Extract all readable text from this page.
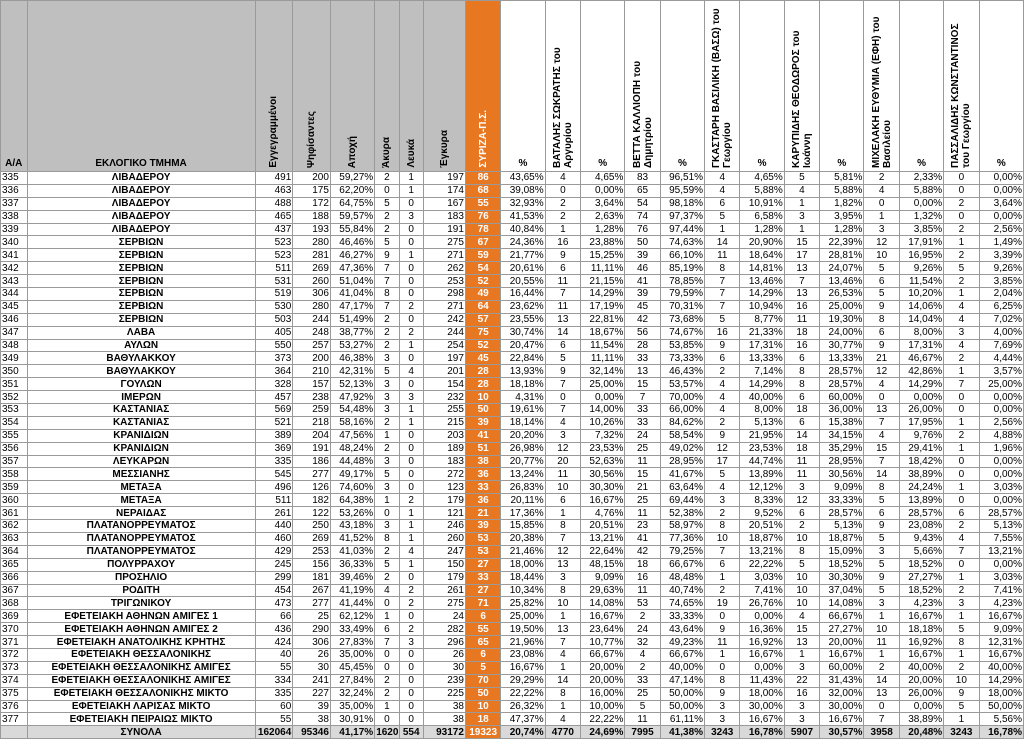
Α/Α	ΕΚΛΟΓΙΚΟ ΤΜΗΜΑ	Εγγεγραμμένοι	Ψηφίσαντες	Αποχή	Άκυρα	Λευκά	Έγκυρα	ΣΥΡΙΖΑ-Π.Σ.	%	ΒΑΤΑΛΗΣ ΣΩΚΡΑΤΗΣ του Αργυρίου	%	ΒΕΤΤΑ ΚΑΛΛΙΟΠΗ του Δημητρίου	%	ΓΚΑΣΤΑΡΗ ΒΑΣΙΛΙΚΗ (ΒΑΣΩ) του Γεωργίου	%	ΚΑΡΥΠΙΔΗΣ ΘΕΟΔΩΡΟΣ του Ιωάννη	%	ΜΙΧΕΛΑΚΗ ΕΥΘΥΜΙΑ (ΕΦΗ) του Βασιλείου	%	ΠΑΣΣΑΛΙΔΗΣ ΚΩΝΣΤΑΝΤΙΝΟΣ του Γεωργίου	%
335	ΛΙΒΑΔΕΡΟΥ	491	200	59,27%	2	1	197	86	43,65%	4	4,65%	83	96,51%	4	4,65%	5	5,81%	2	2,33%	0	0,00%
336	ΛΙΒΑΔΕΡΟΥ	463	175	62,20%	0	1	174	68	39,08%	0	0,00%	65	95,59%	4	5,88%	4	5,88%	4	5,88%	0	0,00%
337	ΛΙΒΑΔΕΡΟΥ	488	172	64,75%	5	0	167	55	32,93%	2	3,64%	54	98,18%	6	10,91%	1	1,82%	0	0,00%	2	3,64%
338	ΛΙΒΑΔΕΡΟΥ	465	188	59,57%	2	3	183	76	41,53%	2	2,63%	74	97,37%	5	6,58%	3	3,95%	1	1,32%	0	0,00%
339	ΛΙΒΑΔΕΡΟΥ	437	193	55,84%	2	0	191	78	40,84%	1	1,28%	76	97,44%	1	1,28%	1	1,28%	3	3,85%	2	2,56%
340	ΣΕΡΒΙΩΝ	523	280	46,46%	5	0	275	67	24,36%	16	23,88%	50	74,63%	14	20,90%	15	22,39%	12	17,91%	1	1,49%
341	ΣΕΡΒΙΩΝ	523	281	46,27%	9	1	271	59	21,77%	9	15,25%	39	66,10%	11	18,64%	17	28,81%	10	16,95%	2	3,39%
342	ΣΕΡΒΙΩΝ	511	269	47,36%	7	0	262	54	20,61%	6	11,11%	46	85,19%	8	14,81%	13	24,07%	5	9,26%	5	9,26%
343	ΣΕΡΒΙΩΝ	531	260	51,04%	7	0	253	52	20,55%	11	21,15%	41	78,85%	7	13,46%	7	13,46%	6	11,54%	2	3,85%
344	ΣΕΡΒΙΩΝ	519	306	41,04%	8	0	298	49	16,44%	7	14,29%	39	79,59%	7	14,29%	13	26,53%	5	10,20%	1	2,04%
345	ΣΕΡΒΙΩΝ	530	280	47,17%	7	2	271	64	23,62%	11	17,19%	45	70,31%	7	10,94%	16	25,00%	9	14,06%	4	6,25%
346	ΣΕΡΒΙΩΝ	503	244	51,49%	2	0	242	57	23,55%	13	22,81%	42	73,68%	5	8,77%	11	19,30%	8	14,04%	4	7,02%
347	ΛΑΒΑ	405	248	38,77%	2	2	244	75	30,74%	14	18,67%	56	74,67%	16	21,33%	18	24,00%	6	8,00%	3	4,00%
348	ΑΥΛΩΝ	550	257	53,27%	2	1	254	52	20,47%	6	11,54%	28	53,85%	9	17,31%	16	30,77%	9	17,31%	4	7,69%
349	ΒΑΘΥΛΑΚΚΟΥ	373	200	46,38%	3	0	197	45	22,84%	5	11,11%	33	73,33%	6	13,33%	6	13,33%	21	46,67%	2	4,44%
350	ΒΑΘΥΛΑΚΚΟΥ	364	210	42,31%	5	4	201	28	13,93%	9	32,14%	13	46,43%	2	7,14%	8	28,57%	12	42,86%	1	3,57%
351	ΓΟΥΛΩΝ	328	157	52,13%	3	0	154	28	18,18%	7	25,00%	15	53,57%	4	14,29%	8	28,57%	4	14,29%	7	25,00%
352	ΙΜΕΡΩΝ	457	238	47,92%	3	3	232	10	4,31%	0	0,00%	7	70,00%	4	40,00%	6	60,00%	0	0,00%	0	0,00%
353	ΚΑΣΤΑΝΙΑΣ	569	259	54,48%	3	1	255	50	19,61%	7	14,00%	33	66,00%	4	8,00%	18	36,00%	13	26,00%	0	0,00%
354	ΚΑΣΤΑΝΙΑΣ	521	218	58,16%	2	1	215	39	18,14%	4	10,26%	33	84,62%	2	5,13%	6	15,38%	7	17,95%	1	2,56%
355	ΚΡΑΝΙΔΙΩΝ	389	204	47,56%	1	0	203	41	20,20%	3	7,32%	24	58,54%	9	21,95%	14	34,15%	4	9,76%	2	4,88%
356	ΚΡΑΝΙΔΙΩΝ	369	191	48,24%	2	0	189	51	26,98%	12	23,53%	25	49,02%	12	23,53%	18	35,29%	15	29,41%	1	1,96%
357	ΛΕΥΚΑΡΩΝ	335	186	44,48%	3	0	183	38	20,77%	20	52,63%	11	28,95%	17	44,74%	11	28,95%	7	18,42%	0	0,00%
358	ΜΕΣΣΙΑΝΗΣ	545	277	49,17%	5	0	272	36	13,24%	11	30,56%	15	41,67%	5	13,89%	11	30,56%	14	38,89%	0	0,00%
359	ΜΕΤΑΞΑ	496	126	74,60%	3	0	123	33	26,83%	10	30,30%	21	63,64%	4	12,12%	3	9,09%	8	24,24%	1	3,03%
360	ΜΕΤΑΞΑ	511	182	64,38%	1	2	179	36	20,11%	6	16,67%	25	69,44%	3	8,33%	12	33,33%	5	13,89%	0	0,00%
361	ΝΕΡΑΙΔΑΣ	261	122	53,26%	0	1	121	21	17,36%	1	4,76%	11	52,38%	2	9,52%	6	28,57%	6	28,57%	6	28,57%
362	ΠΛΑΤΑΝΟΡΡΕΥΜΑΤΟΣ	440	250	43,18%	3	1	246	39	15,85%	8	20,51%	23	58,97%	8	20,51%	2	5,13%	9	23,08%	2	5,13%
363	ΠΛΑΤΑΝΟΡΡΕΥΜΑΤΟΣ	460	269	41,52%	8	1	260	53	20,38%	7	13,21%	41	77,36%	10	18,87%	10	18,87%	5	9,43%	4	7,55%
364	ΠΛΑΤΑΝΟΡΡΕΥΜΑΤΟΣ	429	253	41,03%	2	4	247	53	21,46%	12	22,64%	42	79,25%	7	13,21%	8	15,09%	3	5,66%	7	13,21%
365	ΠΟΛΥΡΡΑΧΟΥ	245	156	36,33%	5	1	150	27	18,00%	13	48,15%	18	66,67%	6	22,22%	5	18,52%	5	18,52%	0	0,00%
366	ΠΡΟΣΗΛΙΟ	299	181	39,46%	2	0	179	33	18,44%	3	9,09%	16	48,48%	1	3,03%	10	30,30%	9	27,27%	1	3,03%
367	ΡΟΔΙΤΗ	454	267	41,19%	4	2	261	27	10,34%	8	29,63%	11	40,74%	2	7,41%	10	37,04%	5	18,52%	2	7,41%
368	ΤΡΙΓΩΝΙΚΟΥ	473	277	41,44%	0	2	275	71	25,82%	10	14,08%	53	74,65%	19	26,76%	10	14,08%	3	4,23%	3	4,23%
369	ΕΦΕΤΕΙΑΚΗ ΑΘΗΝΩΝ ΑΜΙΓΕΣ 1	66	25	62,12%	1	0	24	6	25,00%	1	16,67%	2	33,33%	0	0,00%	4	66,67%	1	16,67%	1	16,67%
370	ΕΦΕΤΕΙΑΚΗ ΑΘΗΝΩΝ ΑΜΙΓΕΣ 2	436	290	33,49%	6	2	282	55	19,50%	13	23,64%	24	43,64%	9	16,36%	15	27,27%	10	18,18%	5	9,09%
371	ΕΦΕΤΕΙΑΚΗ ΑΝΑΤΟΛΙΚΗΣ ΚΡΗΤΗΣ	424	306	27,83%	7	3	296	65	21,96%	7	10,77%	32	49,23%	11	16,92%	13	20,00%	11	16,92%	8	12,31%
372	ΕΦΕΤΕΙΑΚΗ ΘΕΣΣΑΛΟΝΙΚΗΣ	40	26	35,00%	0	0	26	6	23,08%	4	66,67%	4	66,67%	1	16,67%	1	16,67%	1	16,67%	1	16,67%
373	ΕΦΕΤΕΙΑΚΗ ΘΕΣΣΑΛΟΝΙΚΗΣ ΑΜΙΓΕΣ	55	30	45,45%	0	0	30	5	16,67%	1	20,00%	2	40,00%	0	0,00%	3	60,00%	2	40,00%	2	40,00%
374	ΕΦΕΤΕΙΑΚΗ ΘΕΣΣΑΛΟΝΙΚΗΣ ΑΜΙΓΕΣ	334	241	27,84%	2	0	239	70	29,29%	14	20,00%	33	47,14%	8	11,43%	22	31,43%	14	20,00%	10	14,29%
375	ΕΦΕΤΕΙΑΚΗ ΘΕΣΣΑΛΟΝΙΚΗΣ ΜΙΚΤΟ	335	227	32,24%	2	0	225	50	22,22%	8	16,00%	25	50,00%	9	18,00%	16	32,00%	13	26,00%	9	18,00%
376	ΕΦΕΤΕΙΑΚΗ ΛΑΡΙΣΑΣ ΜΙΚΤΟ	60	39	35,00%	1	0	38	10	26,32%	1	10,00%	5	50,00%	3	30,00%	3	30,00%	0	0,00%	5	50,00%
377	ΕΦΕΤΕΙΑΚΗ ΠΕΙΡΑΙΩΣ ΜΙΚΤΟ	55	38	30,91%	0	0	38	18	47,37%	4	22,22%	11	61,11%	3	16,67%	3	16,67%	7	38,89%	1	5,56%
	ΣΥΝΟΛΑ	162064	95346	41,17%	1620	554	93172	19323	20,74%	4770	24,69%	7995	41,38%	3243	16,78%	5907	30,57%	3958	20,48%	3243	16,78%
